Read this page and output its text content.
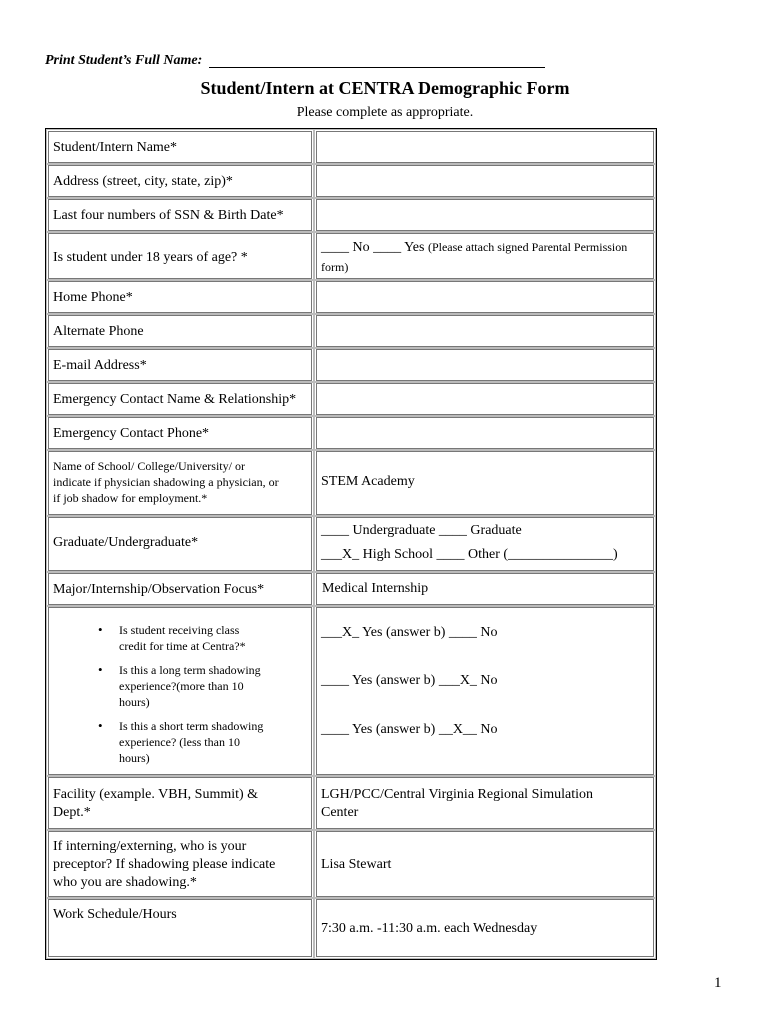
Print Student’s Full Name:
Student/Intern at CENTRA Demographic Form
Please complete as appropriate.
Student/Intern Name*
Address (street, city, state, zip)*
Last four numbers of SSN & Birth Date*
Is student under 18 years of age? *
____ No ____ Yes (Please attach signed Parental Permission
form)
Home Phone*
Alternate Phone
E-mail Address*
Emergency Contact Name & Relationship*
Emergency Contact Phone*
Name of School/ College/University/ or
indicate if physician shadowing a physician, or
if job shadow for employment.*
STEM Academy
Graduate/Undergraduate*
____ Undergraduate ____ Graduate
___X_ High School ____ Other (_______________)
Major/Internship/Observation Focus*	Medical Internship
• Is student receiving class
credit for time at Centra?*
• Is this a long term shadowing
experience?(more than 10
hours)
• Is this a short term shadowing
experience? (less than 10
hours)
___X_ Yes (answer b) ____ No
____ Yes (answer b) ___X_ No
____ Yes (answer b) __X__ No
Facility (example. VBH, Summit) &
Dept.*
LGH/PCC/Central Virginia Regional Simulation
Center
If interning/externing, who is your
preceptor? If shadowing please indicate
who you are shadowing.*
Lisa Stewart
Work Schedule/Hours
7:30 a.m. -11:30 a.m. each Wednesday
1
